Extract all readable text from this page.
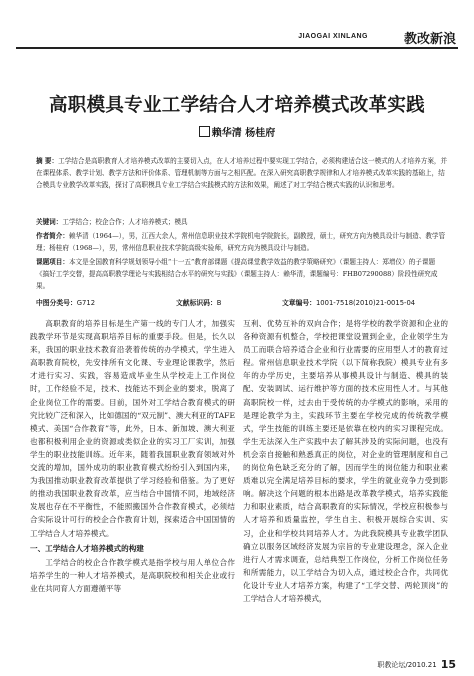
JIAOGAI XINLANG	教改新浪
高职模具专业工学结合人才培养模式改革实践
赖华清 杨桂府
摘 要：工学结合是高职教育人才培养模式改革的主要切入点，在人才培养过程中要实现工学结合，必须构建适合这一模式的人才培养方案，并在课程体系、教学计划、教学方法和评价体系、管理机制等方面与之相匹配。在深入研究高职教学规律和人才培养模式改革实践的基础上，结合模具专业教学改革实践，探讨了高职模具专业工学结合实践模式的方法和效果，阐述了对工学结合模式实践的认识和思考。
关键词：工学结合；校企合作；人才培养模式；模具
作者简介：赖华清（1964—），男，江西大余人，常州信息职业技术学院机电学院院长，副教授，硕士，研究方向为模具设计与制造、教学管理；杨桂府（1968—），男，常州信息职业技术学院高级实验师，研究方向为模具设计与制造。
课题项目：本文是全国教育科学规划领导小组“十一五”教育部课题《提高课堂教学效益的教学策略研究》（课题主持人：郑增仪）的子课题《搞好工学交替，提高高职教学理论与实践相结合水平的研究与实践》（课题主持人：赖华清，课题编号：FHB07290088）阶段性研究成果。
中图分类号：G712	文献标识码：B	文章编号：1001-7518(2010)21-0015-04

高职教育的培养目标是生产第一线的专门人才，加强实践教学环节是实现高职培养目标的重要手段。但是，长久以来，我国的职业技术教育沿袭着传统的办学模式，学生进入高职教育院校，先安排所有文化课、专业理论课教学，然后才进行实习、实践，容易造成毕业生从学校走上工作岗位时，工作经验不足，技术、技能达不到企业的要求，脱离了企业岗位工作的需要。目前，国外对工学结合教育模式的研究比较广泛和深入，比如德国的“双元制”、澳大利亚的TAFE模式、美国“合作教育”等，此外，日本、新加坡、澳大利亚也都积极利用企业的资源或类似企业的实习工厂实训，加强学生的职业技能训练。近年来，随着我国职业教育领域对外交流的增加，国外成功的职业教育模式纷纷引入到国内来，为我国推动职业教育改革提供了学习经验和借鉴。为了更好的推动我国职业教育改革，应当结合中国情不同，地域经济发展也存在不平衡性，不能照搬国外合作教育模式，必须结合实际设计可行的校企合作教育计划，探索适合中国国情的工学结合人才培养模式。

一、工学结合人才培养模式的构建

工学结合的校企合作教学模式是指学校与用人单位合作培养学生的一种人才培养模式，是高职院校和相关企业或行业在共同育人方面遵循平等

互利、优势互补的双向合作；是将学校的教学资源和企业的各种资源有机整合，学校把课堂设置到企业，企业领学生为员工而联合培养适合企业和行业需要的应用型人才的教育过程。常州信息职业技术学院（以下简称我院）模具专业有多年的办学历史，主要培养从事模具设计与制造、模具的装配、安装调试、运行维护等方面的技术应用性人才。与其他高职院校一样，过去由于受传统的办学模式的影响，采用的是理论教学为主，实践环节主要在学校完成的传统教学模式，学生技能的训练主要还是依靠在校内的实习课程完成。学生无法深入生产实践中去了解其涉及的实际问题，也没有机会亲自接触和熟悉真正的岗位，对企业的管理制度和自己的岗位角色缺乏充分的了解，因而学生的岗位能力和职业素质难以完全满足培养目标的要求，学生的就业竞争力受到影响。解决这个问题的根本出路是改革教学模式，培养实践能力和职业素质，结合高职教育的实际情况，学校应积极参与人才培养和质量监控，学生自主、积极开展综合实训、实习，企业和学校共同培养人才。为此我院模具专业教学团队确立以服务区域经济发展为宗旨的专业建设理念，深入企业进行人才需求调查，总结典型工作岗位，分析工作岗位任务和所需能力，以工学结合为切入点，通过校企合作，共同优化设计专业人才培养方案，构建了“工学交替、两轮顶岗”的工学结合人才培养模式，

职教论坛/2010.21 15
